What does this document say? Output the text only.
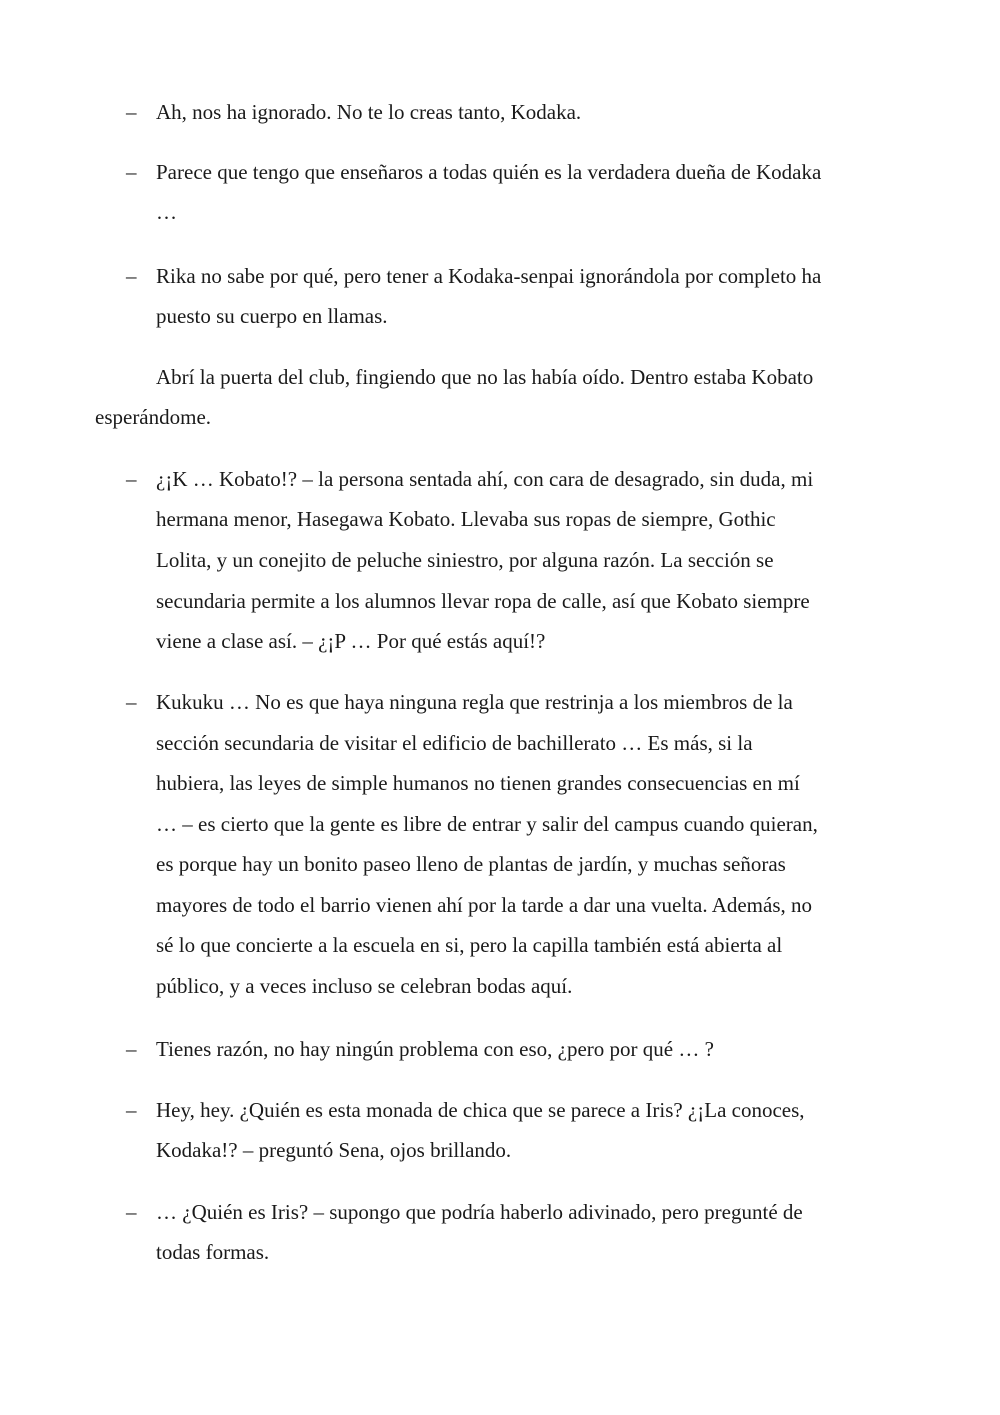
– Ah, nos ha ignorado. No te lo creas tanto, Kodaka.
– Parece que tengo que enseñaros a todas quién es la verdadera dueña de Kodaka
…
– Rika no sabe por qué, pero tener a Kodaka-senpai ignorándola por completo ha
puesto su cuerpo en llamas.
Abrí la puerta del club, fingiendo que no las había oído. Dentro estaba Kobato
esperándome.
– ¿¡K … Kobato!? – la persona sentada ahí, con cara de desagrado, sin duda, mi
hermana menor, Hasegawa Kobato. Llevaba sus ropas de siempre, Gothic
Lolita, y un conejito de peluche siniestro, por alguna razón. La sección se
secundaria permite a los alumnos llevar ropa de calle, así que Kobato siempre
viene a clase así. – ¿¡P … Por qué estás aquí!?
– Kukuku … No es que haya ninguna regla que restrinja a los miembros de la
sección secundaria de visitar el edificio de bachillerato … Es más, si la
hubiera, las leyes de simple humanos no tienen grandes consecuencias en mí
… – es cierto que la gente es libre de entrar y salir del campus cuando quieran,
es porque hay un bonito paseo lleno de plantas de jardín, y muchas señoras
mayores de todo el barrio vienen ahí por la tarde a dar una vuelta. Además, no
sé lo que concierte a la escuela en si, pero la capilla también está abierta al
público, y a veces incluso se celebran bodas aquí.
– Tienes razón, no hay ningún problema con eso, ¿pero por qué … ?
– Hey, hey. ¿Quién es esta monada de chica que se parece a Iris? ¿¡La conoces,
Kodaka!? – preguntó Sena, ojos brillando.
– … ¿Quién es Iris? – supongo que podría haberlo adivinado, pero pregunté de
todas formas.
